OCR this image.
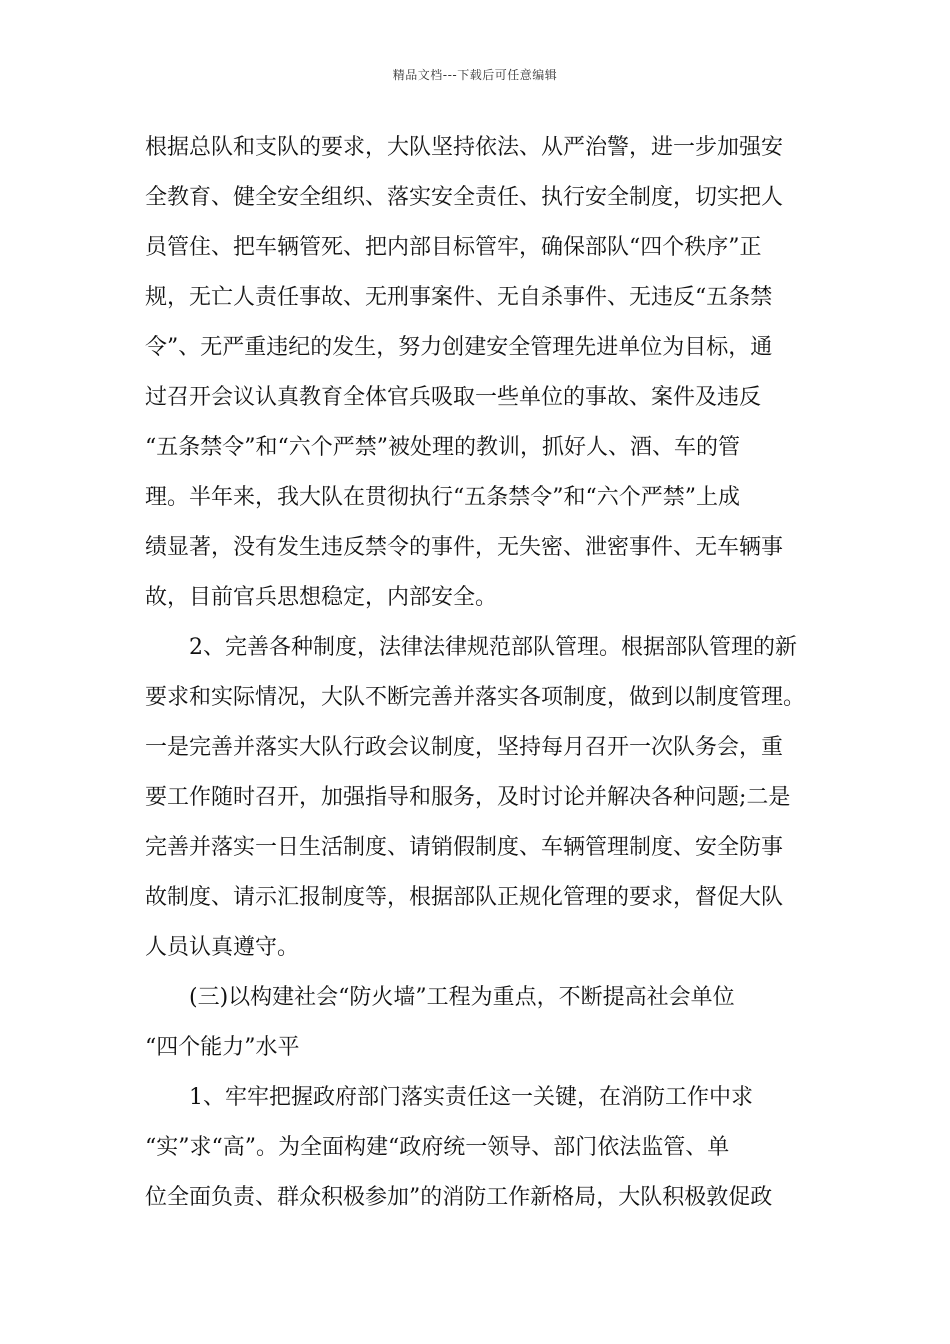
精品文档---下载后可任意编辑
根据总队和支队的要求，大队坚持依法、从严治警，进一步加强安
全教育、健全安全组织、落实安全责任、执行安全制度，切实把人
员管住、把车辆管死、把内部目标管牢，确保部队“四个秩序”正
规，无亡人责任事故、无刑事案件、无自杀事件、无违反“五条禁
令”、无严重违纪的发生，努力创建安全管理先进单位为目标，通
过召开会议认真教育全体官兵吸取一些单位的事故、案件及违反
“五条禁令”和“六个严禁”被处理的教训，抓好人、酒、车的管
理。半年来，我大队在贯彻执行“五条禁令”和“六个严禁”上成
绩显著，没有发生违反禁令的事件，无失密、泄密事件、无车辆事
故，目前官兵思想稳定，内部安全。
2、完善各种制度，法律法律规范部队管理。根据部队管理的新
要求和实际情况，大队不断完善并落实各项制度，做到以制度管理。
一是完善并落实大队行政会议制度，坚持每月召开一次队务会，重
要工作随时召开，加强指导和服务，及时讨论并解决各种问题;二是
完善并落实一日生活制度、请销假制度、车辆管理制度、安全防事
故制度、请示汇报制度等，根据部队正规化管理的要求，督促大队
人员认真遵守。
(三)以构建社会“防火墙”工程为重点，不断提高社会单位
“四个能力”水平
1、牢牢把握政府部门落实责任这一关键，在消防工作中求
“实”求“高”。为全面构建“政府统一领导、部门依法监管、单
位全面负责、群众积极参加”的消防工作新格局，大队积极敦促政
